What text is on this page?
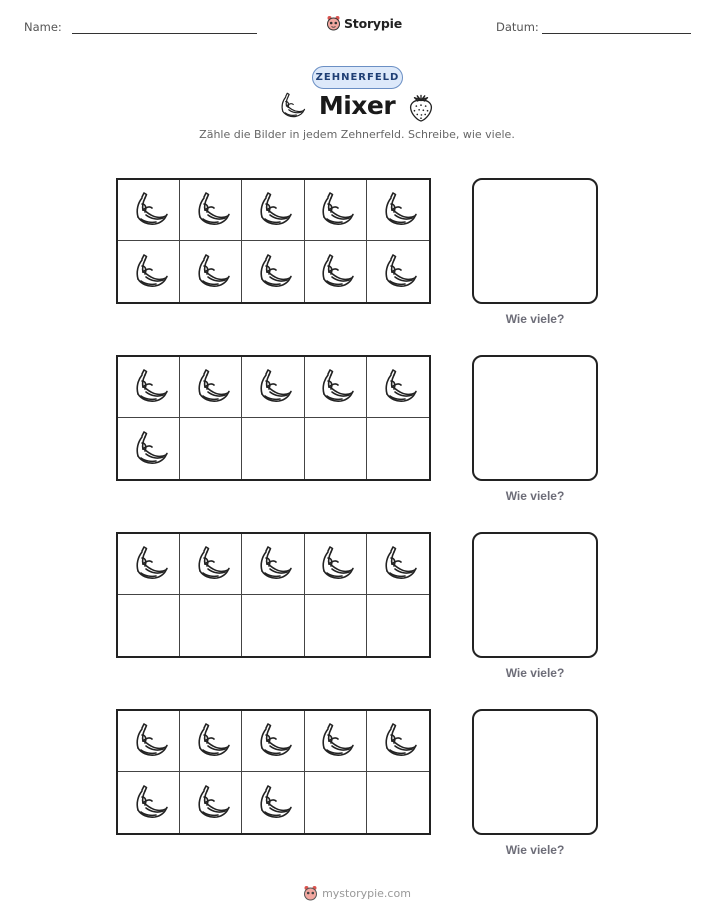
Name:	Storypie	Datum:
ZEHNERFELD
Mixer
Zähle die Bilder in jedem Zehnerfeld. Schreibe, wie viele.
Wie viele?
Wie viele?
Wie viele?
Wie viele?
mystorypie.com
